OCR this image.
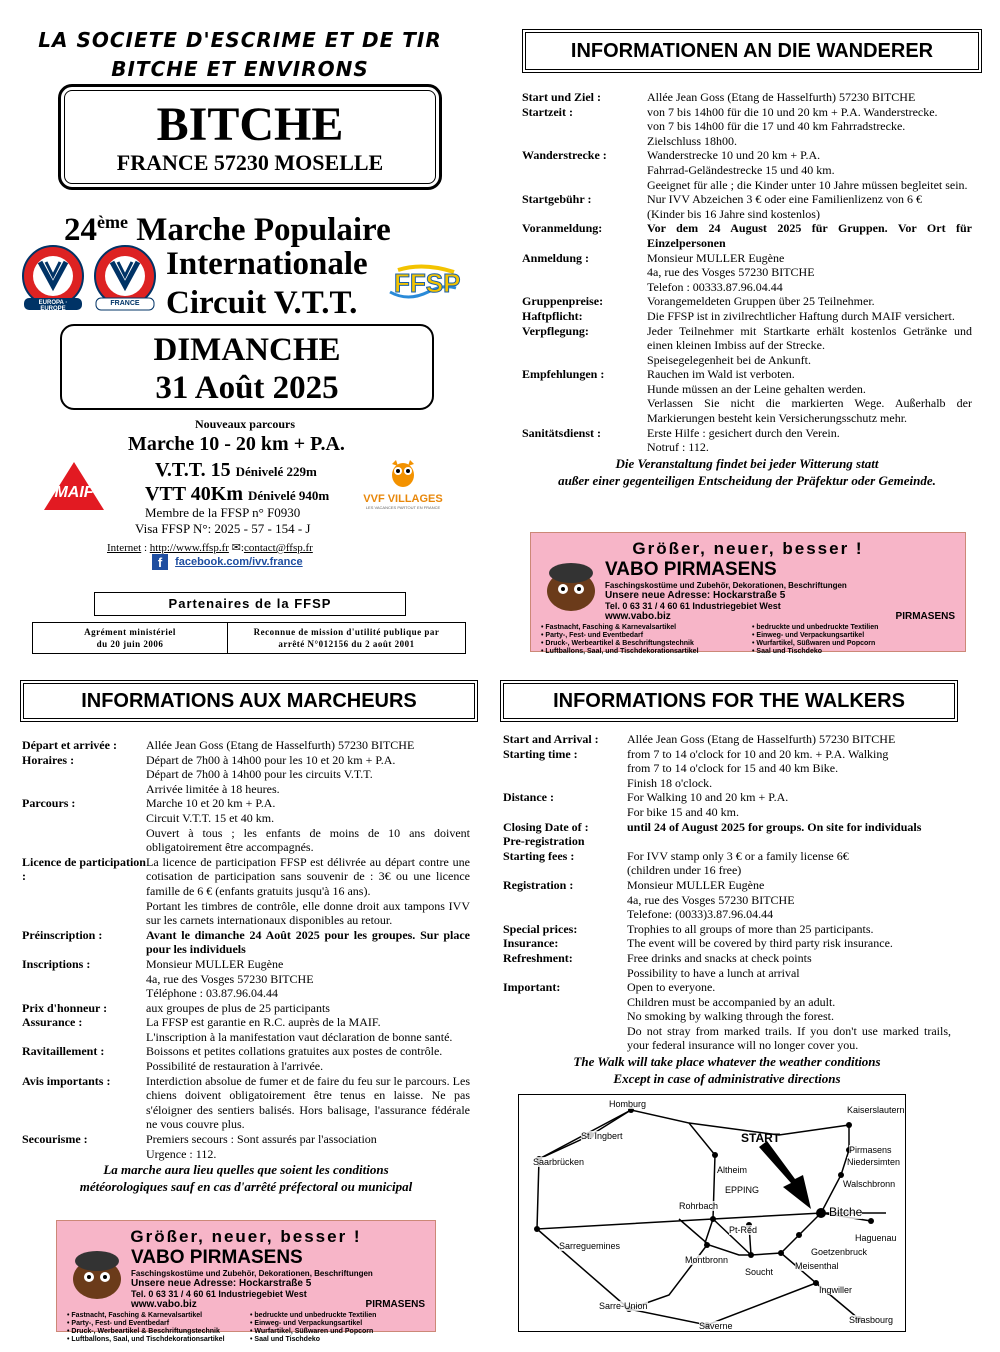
LA SOCIETE D'ESCRIME ET DE TIR
BITCHE ET ENVIRONS
BITCHE
FRANCE 57230 MOSELLE
24ème Marche Populaire
Internationale
Circuit V.T.T.
EUROPA · EUROPE
FRANCE
FFSP
DIMANCHE
31 Août 2025
Nouveaux parcours
Marche 10 - 20 km + P.A.
V.T.T. 15 Dénivelé 229m
VTT 40Km Dénivelé 940m
Membre de la FFSP n° F0930
Visa FFSP N°: 2025 - 57 - 154 - J
Internet : http://www.ffsp.fr ✉:contact@ffsp.fr
f facebook.com/ivv.france
MAIF	VVF VILLAGES
LES VACANCES PARTOUT EN FRANCE
Partenaires de la FFSP
Agrément ministériel
du 20 juin 2006
Reconnue de mission d'utilité publique par
arrêté N°012156 du 2 août 2001
INFORMATIONEN AN DIE WANDERER
Start und Ziel :	Allée Jean Goss (Etang de Hasselfurth) 57230 BITCHE
Startzeit :	von 7 bis 14h00 für die 10 und 20 km + P.A. Wanderstrecke.
von 7 bis 14h00 für die 17 und 40 km Fahrradstrecke.
Zielschluss 18h00.
Wanderstrecke :	Wanderstrecke 10 und 20 km + P.A.
Fahrrad-Geländestrecke 15 und 40 km.
Geeignet für alle ; die Kinder unter 10 Jahre müssen begleitet sein.
Startgebühr :	Nur IVV Abzeichen 3 € oder eine Familienlizenz von 6 €
(Kinder bis 16 Jahre sind kostenlos)
Voranmeldung:	Vor dem 24 August 2025 für Gruppen. Vor Ort für Einzelpersonen
Anmeldung :	Monsieur MULLER Eugène
4a, rue des Vosges 57230 BITCHE
Telefon : 00333.87.96.04.44
Gruppenpreise:	Vorangemeldeten Gruppen über 25 Teilnehmer.
Haftpflicht:	Die FFSP ist in zivilrechtlicher Haftung durch MAIF versichert.
Verpflegung:	Jeder Teilnehmer mit Startkarte erhält kostenlos Getränke und einen kleinen Imbiss auf der Strecke.
Speisegelegenheit bei de Ankunft.
Empfehlungen :	Rauchen im Wald ist verboten.
Hunde müssen an der Leine gehalten werden.
Verlassen Sie nicht die markierten Wege. Außerhalb der Markierungen besteht kein Versicherungsschutz mehr.
Sanitätsdienst :	Erste Hilfe : gesichert durch den Verein.
Notruf : 112.
Die Veranstaltung findet bei jeder Witterung statt
außer einer gegenteiligen Entscheidung der Präfektur oder Gemeinde.
Größer, neuer, besser !
VABO PIRMASENS
Faschingskostüme und Zubehör, Dekorationen, Beschriftungen
Unsere neue Adresse: Hockarstraße 5
Tel. 0 63 31 / 4 60 61 Industriegebiet West
www.vabo.biz	PIRMASENS
• Fastnacht, Fasching & Karnevalsartikel
• Party-, Fest- und Eventbedarf
• Druck-, Werbeartikel & Beschriftungstechnik
• Luftballons, Saal, und Tischdekorationsartikel
• bedruckte und unbedruckte Textilien
• Einweg- und Verpackungsartikel
• Wurfartikel, Süßwaren und Popcorn
• Saal und Tischdeko
INFORMATIONS AUX MARCHEURS
Départ et arrivée :	Allée Jean Goss (Etang de Hasselfurth) 57230 BITCHE
Horaires :	Départ de 7h00 à 14h00 pour les 10 et 20 km + P.A.
Départ de 7h00 à 14h00 pour les circuits V.T.T.
Arrivée limitée à 18 heures.
Parcours :	Marche 10 et 20 km + P.A.
Circuit V.T.T. 15 et 40 km.
Ouvert à tous ; les enfants de moins de 10 ans doivent obligatoirement être accompagnés.
Licence de participation :
La licence de participation FFSP est délivrée au départ contre une cotisation de participation sans souvenir de : 3€ ou une licence famille de 6 € (enfants gratuits jusqu'à 16 ans).
Portant les timbres de contrôle, elle donne droit aux tampons IVV sur les carnets internationaux disponibles au retour.
Préinscription :	Avant le dimanche 24 Août 2025 pour les groupes. Sur place pour les individuels
Inscriptions :	Monsieur MULLER Eugène
4a, rue des Vosges 57230 BITCHE
Téléphone : 03.87.96.04.44
Prix d'honneur :	aux groupes de plus de 25 participants
Assurance :	La FFSP est garantie en R.C. auprès de la MAIF.
L'inscription à la manifestation vaut déclaration de bonne santé.
Ravitaillement :	Boissons et petites collations gratuites aux postes de contrôle.
Possibilité de restauration à l'arrivée.
Avis importants :	Interdiction absolue de fumer et de faire du feu sur le parcours. Les chiens doivent obligatoirement être tenus en laisse. Ne pas s'éloigner des sentiers balisés. Hors balisage, l'assurance fédérale ne vous couvre plus.
Secourisme :	Premiers secours : Sont assurés par l'association
Urgence : 112.
La marche aura lieu quelles que soient les conditions
météorologiques sauf en cas d'arrêté préfectoral ou municipal
Größer, neuer, besser !
VABO PIRMASENS
Faschingskostüme und Zubehör, Dekorationen, Beschriftungen
Unsere neue Adresse: Hockarstraße 5
Tel. 0 63 31 / 4 60 61 Industriegebiet West
www.vabo.biz	PIRMASENS
• Fastnacht, Fasching & Karnevalsartikel
• Party-, Fest- und Eventbedarf
• Druck-, Werbeartikel & Beschriftungstechnik
• Luftballons, Saal, und Tischdekorationsartikel
• bedruckte und unbedruckte Textilien
• Einweg- und Verpackungsartikel
• Wurfartikel, Süßwaren und Popcorn
• Saal und Tischdeko
INFORMATIONS FOR THE WALKERS
Start and Arrival :	Allée Jean Goss (Etang de Hasselfurth) 57230 BITCHE
Starting time :	from 7 to 14 o'clock for 10 and 20 km. + P.A. Walking
from 7 to 14 o'clock for 15 and 40 km Bike.
Finish 18 o'clock.
Distance :	For Walking 10 and 20 km + P.A.
For bike 15 and 40 km.
Closing Date of :
Pre-registration
until 24 of August 2025 for groups. On site for individuals
Starting fees :	For IVV stamp only 3 € or a family license 6€
(children under 16 free)
Registration :	Monsieur MULLER Eugène
4a, rue des Vosges 57230 BITCHE
Telefone: (0033)3.87.96.04.44
Special prices:	Trophies to all groups of more than 25 participants.
Insurance:	The event will be covered by third party risk insurance.
Refreshment:	Free drinks and snacks at check points
Possibility to have a lunch at arrival
Important:	Open to everyone.
Children must be accompanied by an adult.
No smoking by walking through the forest.
Do not stray from marked trails. If you don't use marked trails, your federal insurance will no longer cover you.
The Walk will take place whatever the weather conditions
Except in case of administrative directions
START
Homburg
Kaiserslautern
St. Ingbert
Pirmasens
Niedersimten
Saarbrücken
Altheim
Walschbronn
EPPING
Bitche
Rohrbach
Pt-Réd
Haguenau
Sarreguemines
Goetzenbruck
Meisenthal
Montbronn
Soucht
Ingwiller
Sarre-Union
Saverne
Strasbourg
